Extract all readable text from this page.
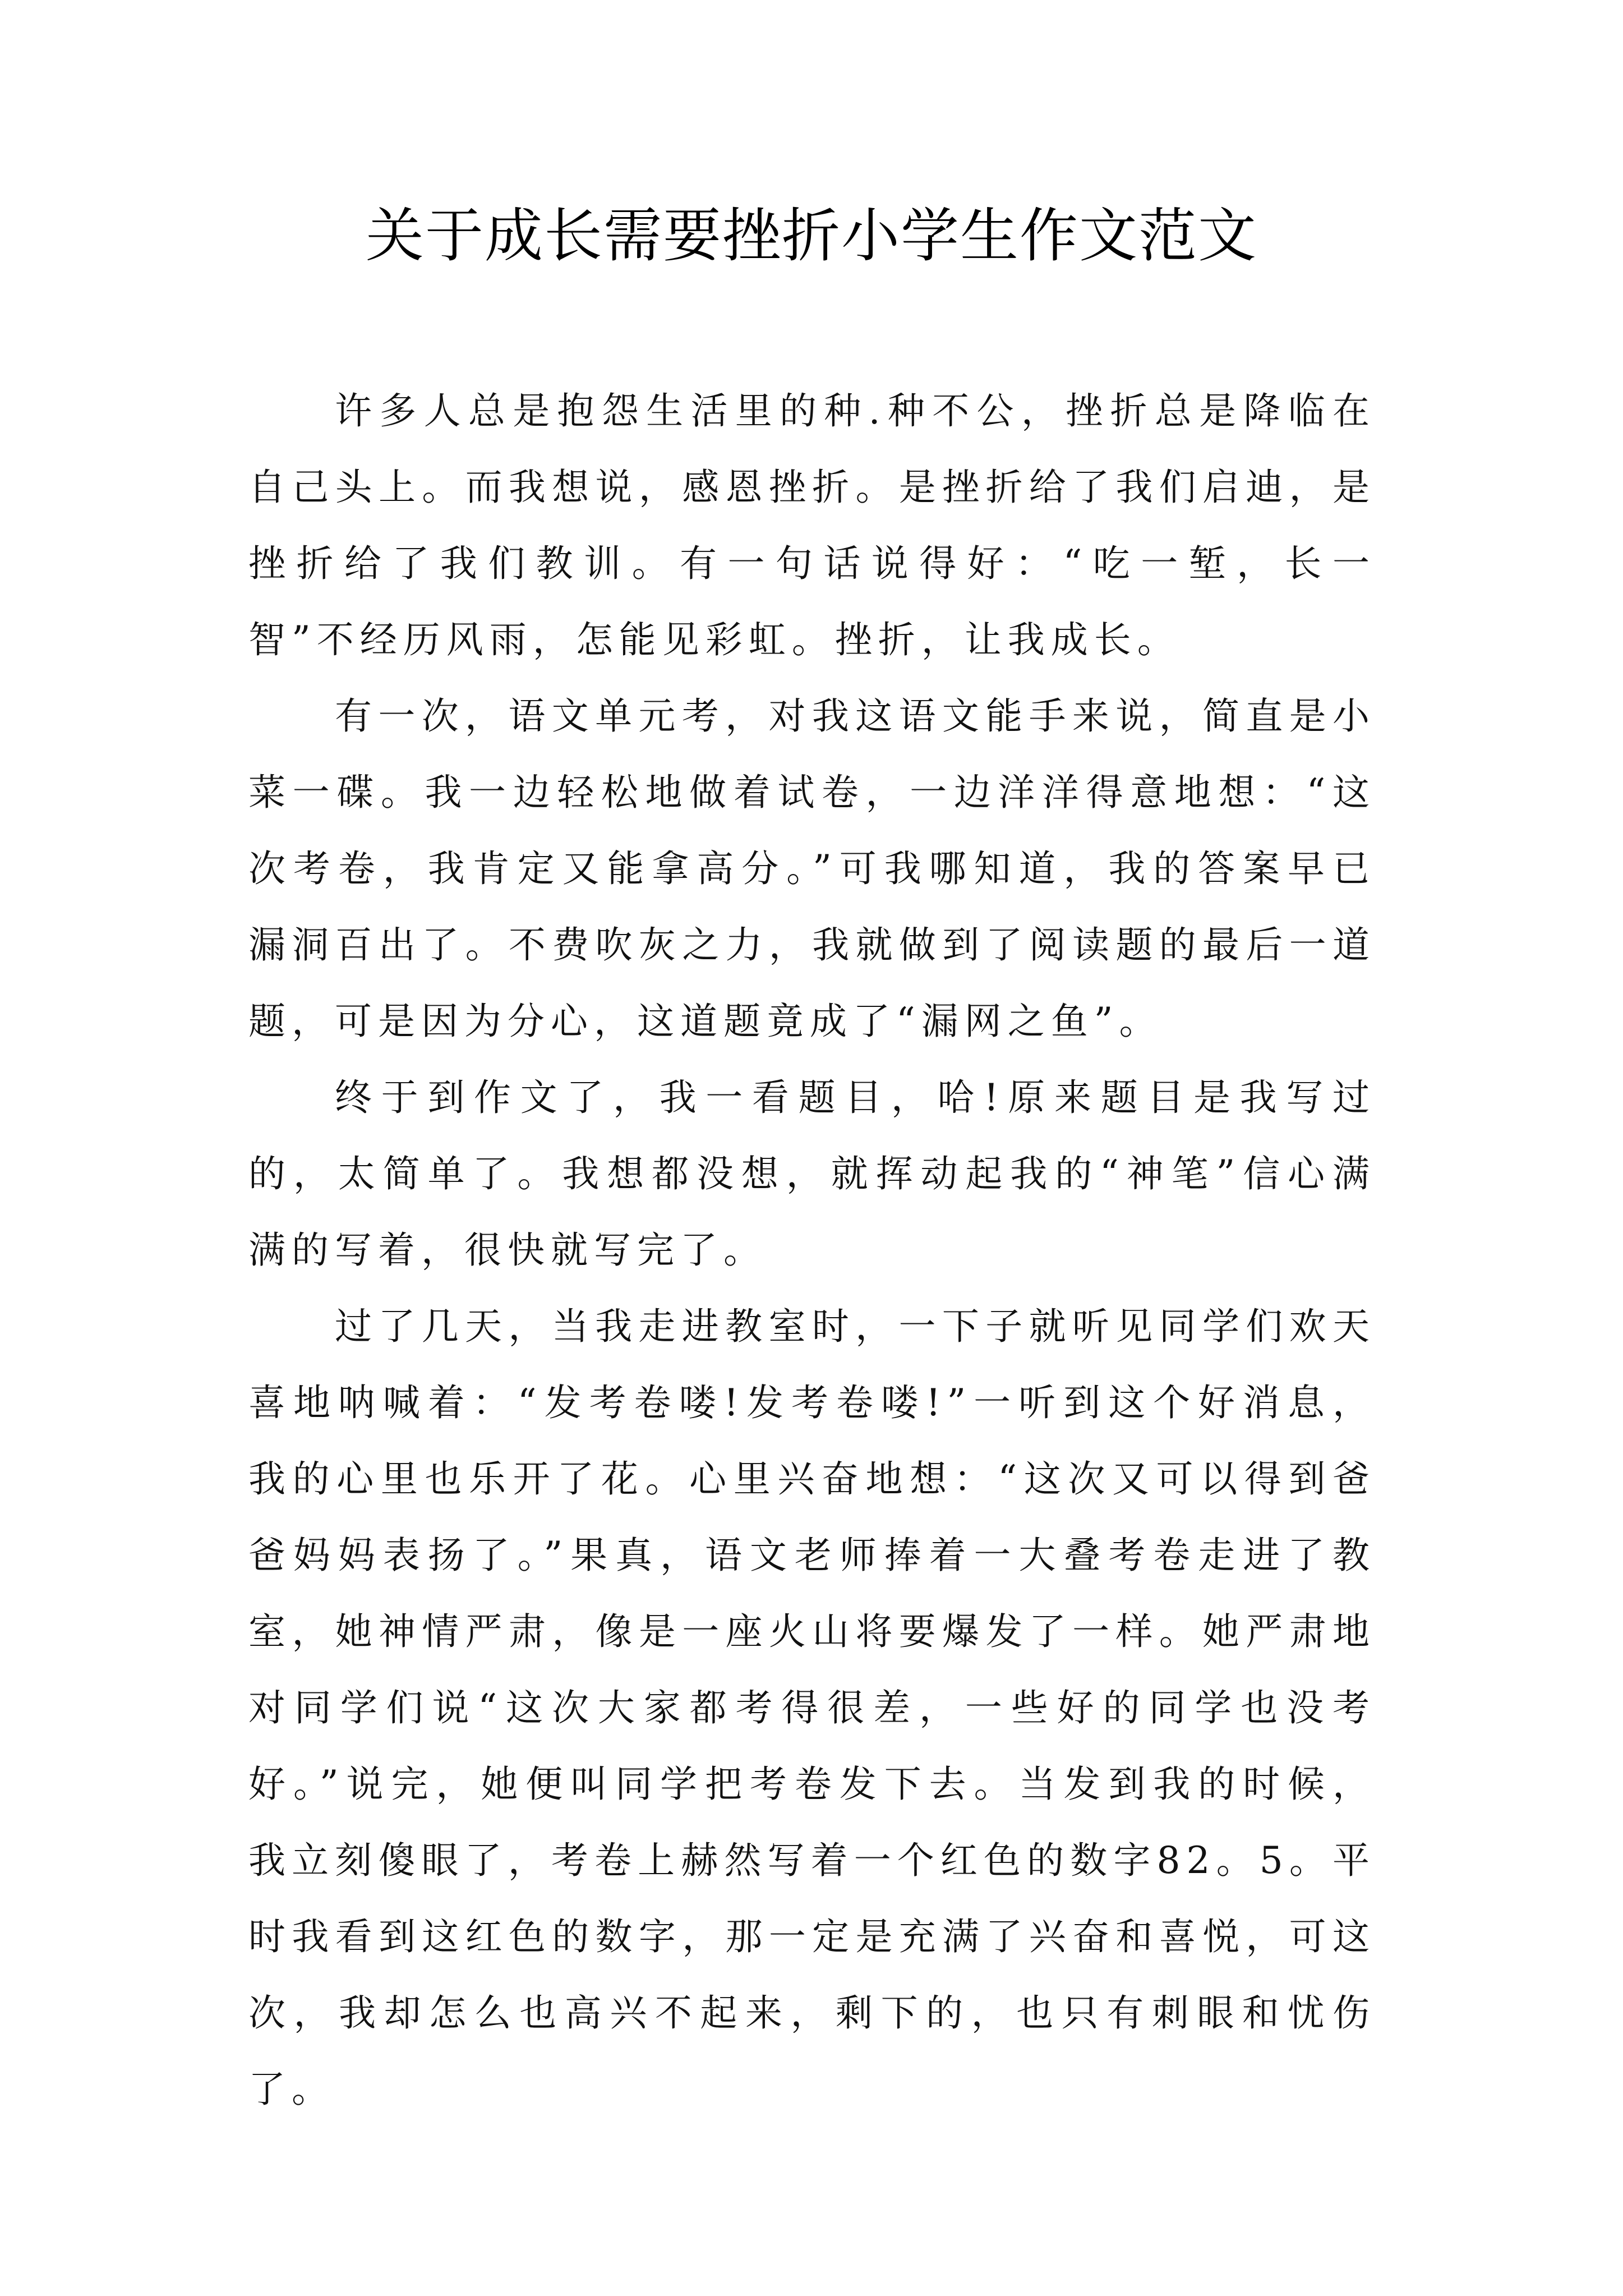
关于成长需要挫折小学生作文范文

许多人总是抱怨生活里的种.种不公，挫折总是降临在自己头上。而我想说，感恩挫折。是挫折给了我们启迪，是挫折给了我们教训。有一句话说得好：“吃一堑，长一智”不经历风雨，怎能见彩虹。挫折，让我成长。

有一次，语文单元考，对我这语文能手来说，简直是小菜一碟。我一边轻松地做着试卷，一边洋洋得意地想：“这次考卷，我肯定又能拿高分。”可我哪知道，我的答案早已漏洞百出了。不费吹灰之力，我就做到了阅读题的最后一道题，可是因为分心，这道题竟成了“漏网之鱼”。

终于到作文了，我一看题目，哈!原来题目是我写过的，太简单了。我想都没想，就挥动起我的“神笔”信心满满的写着，很快就写完了。

过了几天，当我走进教室时，一下子就听见同学们欢天喜地呐喊着：“发考卷喽!发考卷喽!”一听到这个好消息，我的心里也乐开了花。心里兴奋地想：“这次又可以得到爸爸妈妈表扬了。”果真，语文老师捧着一大叠考卷走进了教室，她神情严肃，像是一座火山将要爆发了一样。她严肃地对同学们说“这次大家都考得很差，一些好的同学也没考好。”说完，她便叫同学把考卷发下去。当发到我的时候，我立刻傻眼了，考卷上赫然写着一个红色的数字82。5。平时我看到这红色的数字，那一定是充满了兴奋和喜悦，可这次，我却怎么也高兴不起来，剩下的，也只有刺眼和忧伤了。
